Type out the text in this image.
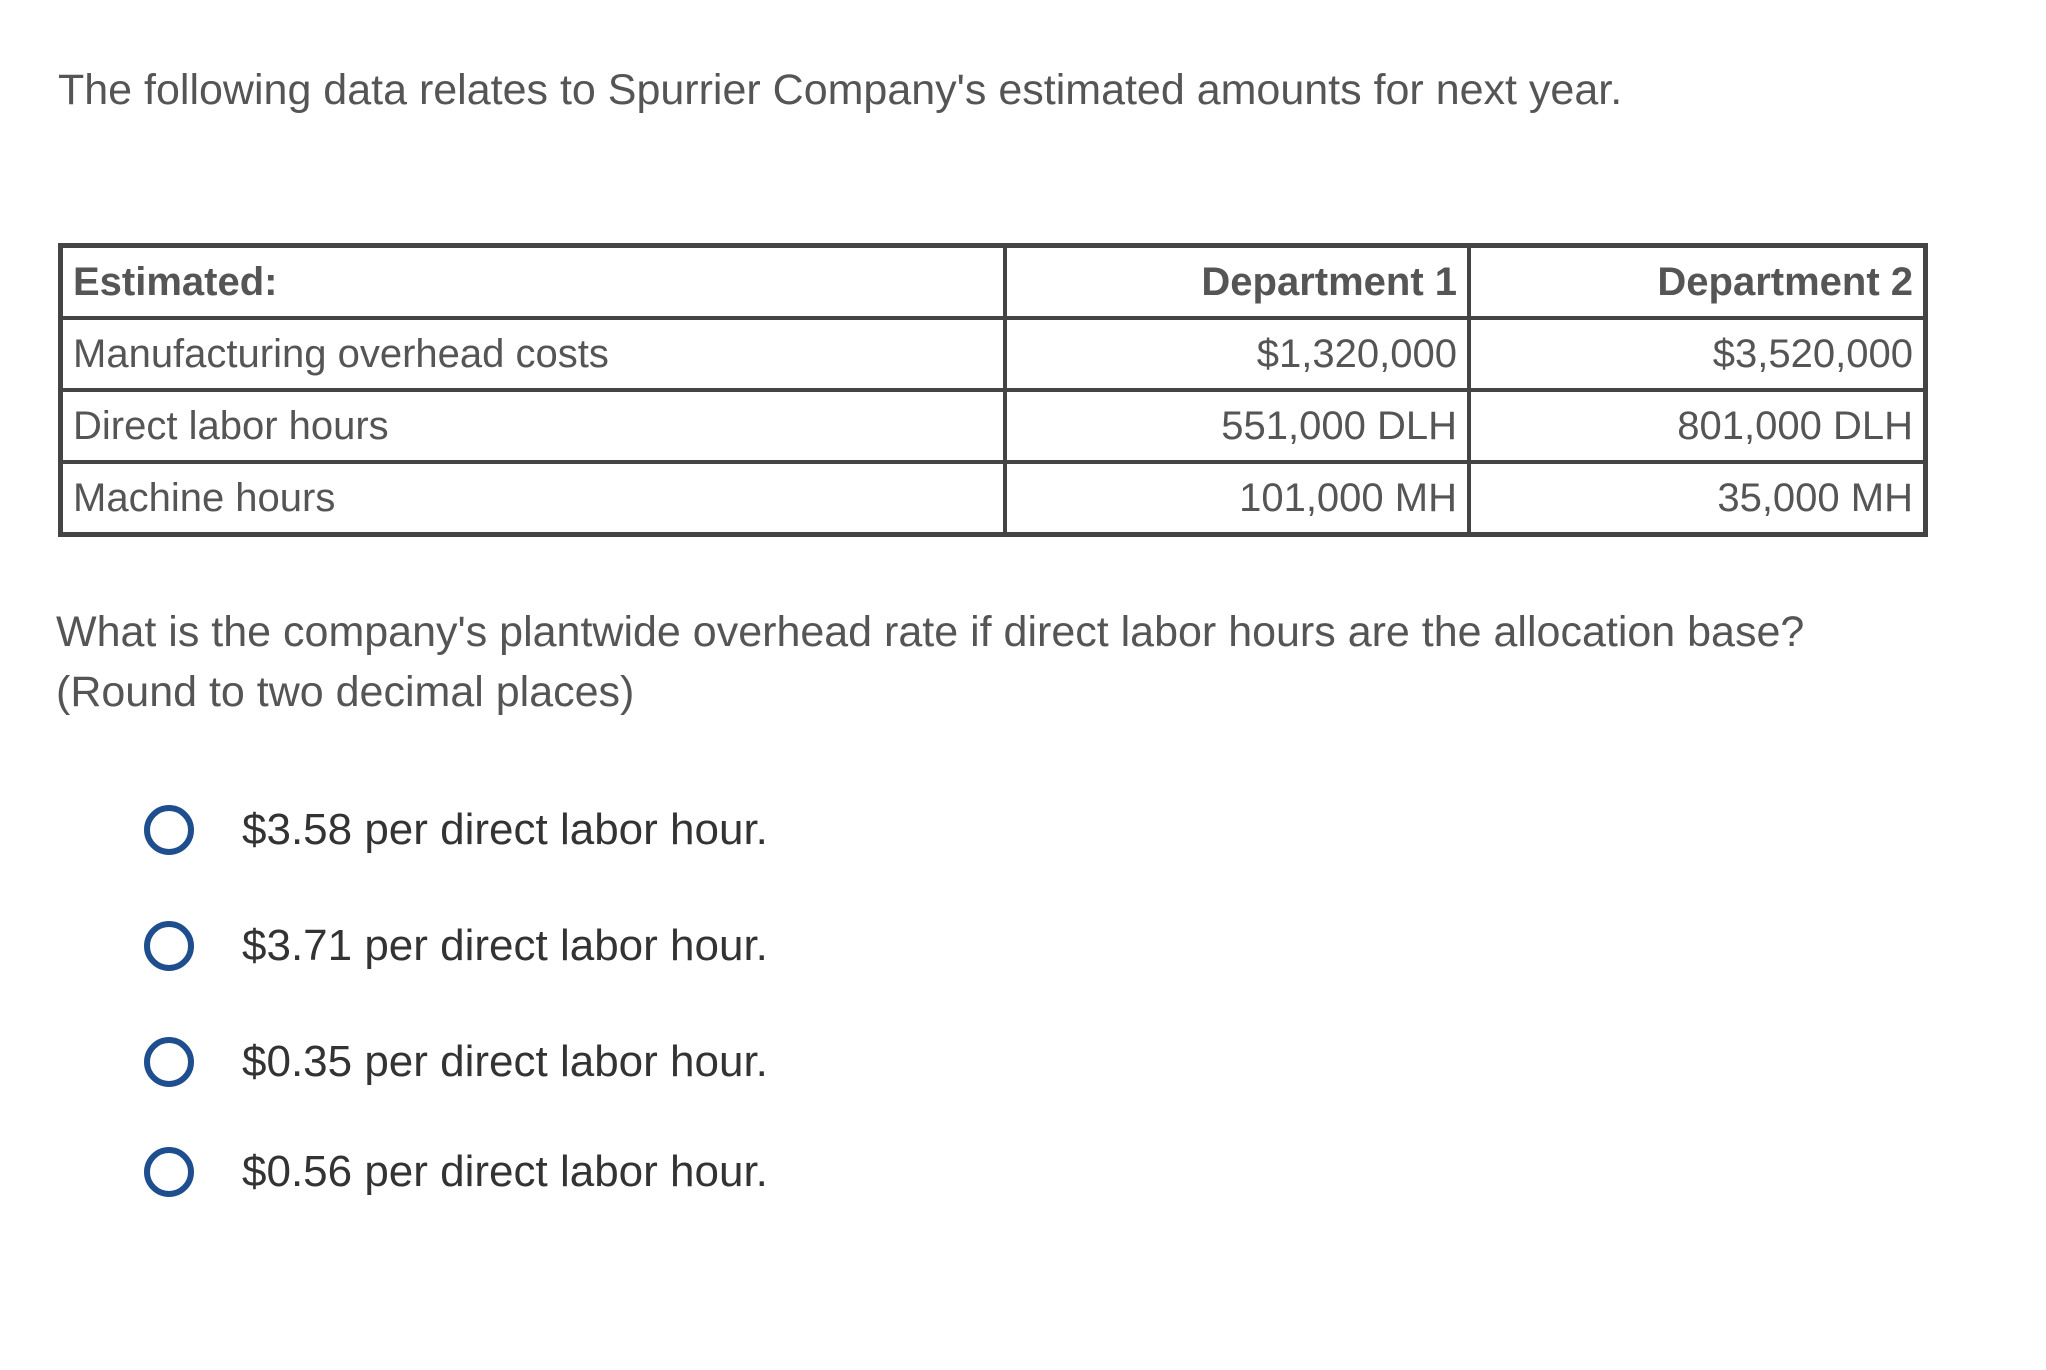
The following data relates to Spurrier Company's estimated amounts for next year.

Estimated:	Department 1	Department 2
Manufacturing overhead costs	$1,320,000	$3,520,000
Direct labor hours	551,000 DLH	801,000 DLH
Machine hours	101,000 MH	35,000 MH
What is the company's plantwide overhead rate if direct labor hours are the allocation base?
(Round to two decimal places)
$3.58 per direct labor hour.
$3.71 per direct labor hour.
$0.35 per direct labor hour.
$0.56 per direct labor hour.
